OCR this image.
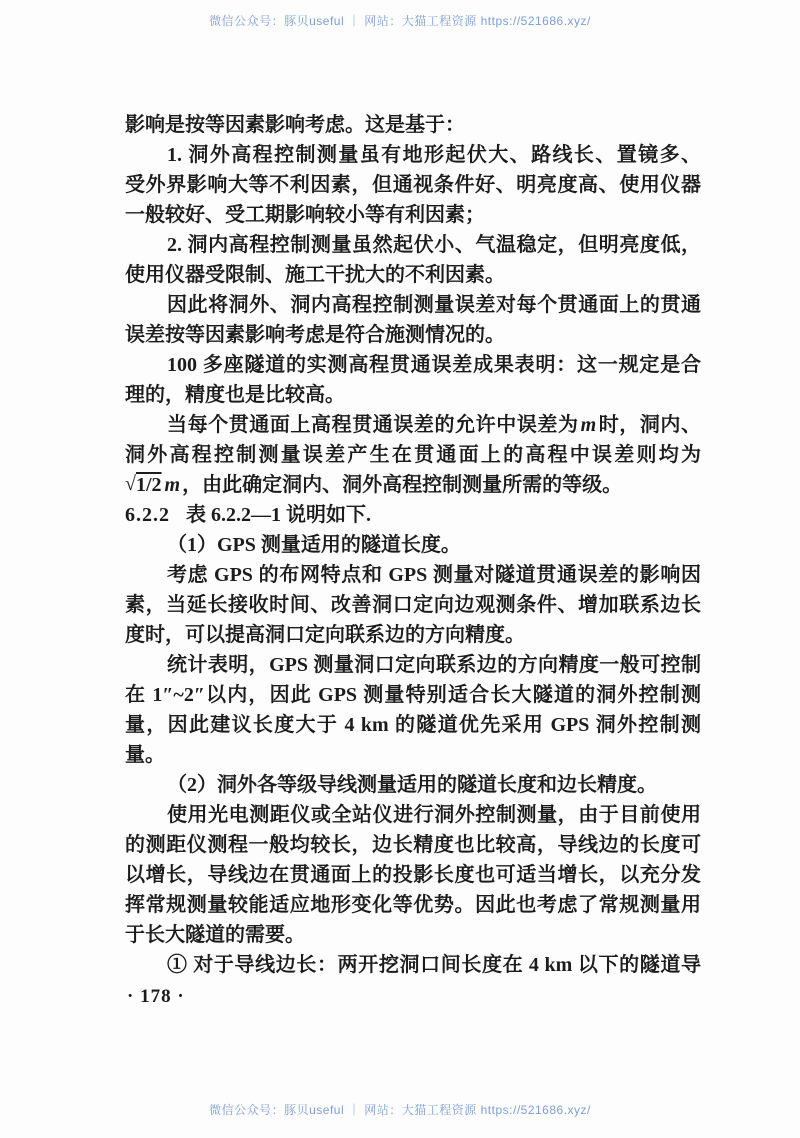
微信公众号：豚贝useful ｜ 网站：大猫工程资源 https://521686.xyz/

影响是按等因素影响考虑。这是基于：

1. 洞外高程控制测量虽有地形起伏大、路线长、置镜多、

受外界影响大等不利因素，但通视条件好、明亮度高、使用仪器

一般较好、受工期影响较小等有利因素；

2. 洞内高程控制测量虽然起伏小、气温稳定，但明亮度低，

使用仪器受限制、施工干扰大的不利因素。

因此将洞外、洞内高程控制测量误差对每个贯通面上的贯通

误差按等因素影响考虑是符合施测情况的。

100 多座隧道的实测高程贯通误差成果表明：这一规定是合

理的，精度也是比较高。

当每个贯通面上高程贯通误差的允许中误差为 m 时，洞内、

洞外高程控制测量误差产生在贯通面上的高程中误差则均为

√1/2 m ，由此确定洞内、洞外高程控制测量所需的等级。

6.2.2 表 6.2.2—1 说明如下.

（1）GPS 测量适用的隧道长度。

考虑 GPS 的布网特点和 GPS 测量对隧道贯通误差的影响因

素，当延长接收时间、改善洞口定向边观测条件、增加联系边长

度时，可以提高洞口定向联系边的方向精度。

统计表明，GPS 测量洞口定向联系边的方向精度一般可控制

在 1″~2″以内，因此 GPS 测量特别适合长大隧道的洞外控制测

量，因此建议长度大于 4 km 的隧道优先采用 GPS 洞外控制测

量。

（2）洞外各等级导线测量适用的隧道长度和边长精度。

使用光电测距仪或全站仪进行洞外控制测量，由于目前使用

的测距仪测程一般均较长，边长精度也比较高，导线边的长度可

以增长，导线边在贯通面上的投影长度也可适当增长，以充分发

挥常规测量较能适应地形变化等优势。因此也考虑了常规测量用

于长大隧道的需要。

① 对于导线边长：两开挖洞口间长度在 4 km 以下的隧道导

· 178 ·

微信公众号：豚贝useful ｜ 网站：大猫工程资源 https://521686.xyz/
